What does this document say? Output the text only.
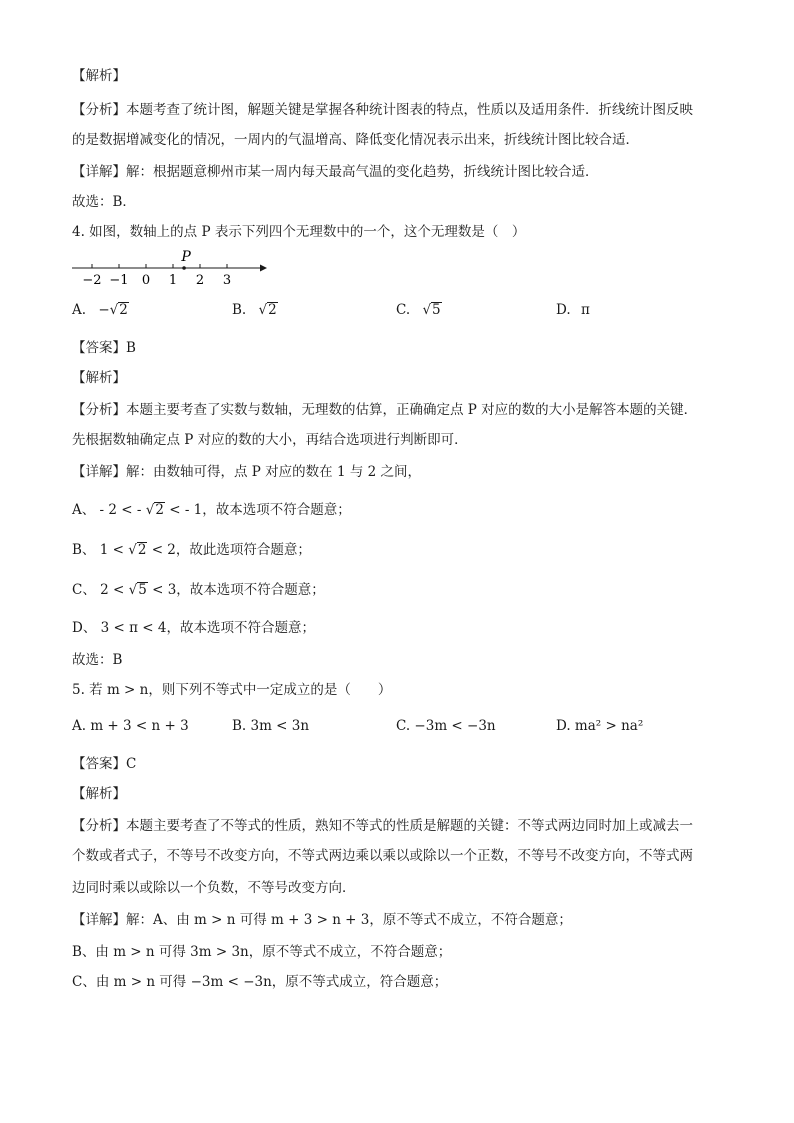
【解析】
【分析】本题考查了统计图，解题关键是掌握各种统计图表的特点，性质以及适用条件．折线统计图反映
的是数据增减变化的情况，一周内的气温增高、降低变化情况表示出来，折线统计图比较合适．
【详解】解：根据题意柳州市某一周内每天最高气温的变化趋势，折线统计图比较合适．
故选：B．
4. 如图，数轴上的点 P 表示下列四个无理数中的一个，这个无理数是（　）
−2 −1 0 1 2 3
P
A. −√2	B. √2	C. √5	D. π
【答案】B
【解析】
【分析】本题主要考查了实数与数轴，无理数的估算，正确确定点 P 对应的数的大小是解答本题的关键．
先根据数轴确定点 P 对应的数的大小，再结合选项进行判断即可．
【详解】解：由数轴可得，点 P 对应的数在 1 与 2 之间，
A、 - 2 < - √2 < - 1，故本选项不符合题意；
B、 1 < √2 < 2，故此选项符合题意；
C、 2 < √5 < 3，故本选项不符合题意；
D、 3 < π < 4，故本选项不符合题意；
故选：B
5. 若 m > n，则下列不等式中一定成立的是（　　）
A. m + 3 < n + 3	B. 3m < 3n	C. −3m < −3n	D. ma² > na²
【答案】C
【解析】
【分析】本题主要考查了不等式的性质，熟知不等式的性质是解题的关键：不等式两边同时加上或减去一
个数或者式子，不等号不改变方向，不等式两边乘以乘以或除以一个正数，不等号不改变方向，不等式两
边同时乘以或除以一个负数，不等号改变方向．
【详解】解：A、由 m > n 可得 m + 3 > n + 3，原不等式不成立，不符合题意；
B、由 m > n 可得 3m > 3n，原不等式不成立，不符合题意；
C、由 m > n 可得 −3m < −3n，原不等式成立，符合题意；
